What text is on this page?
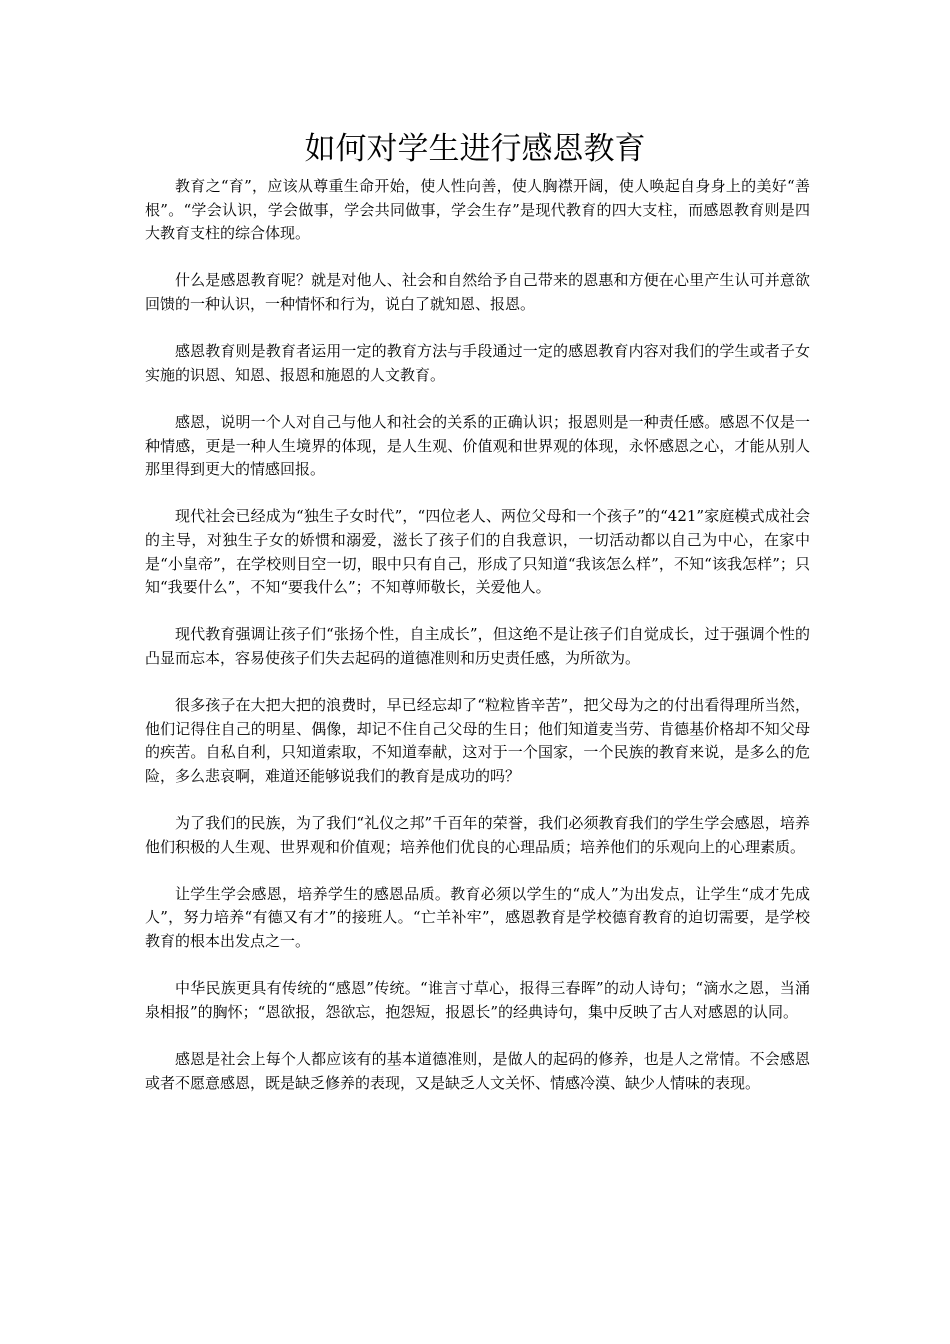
如何对学生进行感恩教育

教育之“育”，应该从尊重生命开始，使人性向善，使人胸襟开阔，使人唤起自身身上的美好“善根”。“学会认识，学会做事，学会共同做事，学会生存”是现代教育的四大支柱，而感恩教育则是四大教育支柱的综合体现。

什么是感恩教育呢？就是对他人、社会和自然给予自己带来的恩惠和方便在心里产生认可并意欲回馈的一种认识，一种情怀和行为，说白了就知恩、报恩。

感恩教育则是教育者运用一定的教育方法与手段通过一定的感恩教育内容对我们的学生或者子女实施的识恩、知恩、报恩和施恩的人文教育。

感恩，说明一个人对自己与他人和社会的关系的正确认识；报恩则是一种责任感。感恩不仅是一种情感，更是一种人生境界的体现，是人生观、价值观和世界观的体现，永怀感恩之心，才能从别人那里得到更大的情感回报。

现代社会已经成为“独生子女时代”，“四位老人、两位父母和一个孩子”的“421”家庭模式成社会的主导，对独生子女的娇惯和溺爱，滋长了孩子们的自我意识，一切活动都以自己为中心，在家中是“小皇帝”，在学校则目空一切，眼中只有自己，形成了只知道“我该怎么样”，不知“该我怎样”；只知“我要什么”，不知“要我什么”；不知尊师敬长，关爱他人。

现代教育强调让孩子们“张扬个性，自主成长”，但这绝不是让孩子们自觉成长，过于强调个性的凸显而忘本，容易使孩子们失去起码的道德准则和历史责任感，为所欲为。

很多孩子在大把大把的浪费时，早已经忘却了“粒粒皆辛苦”，把父母为之的付出看得理所当然，他们记得住自己的明星、偶像，却记不住自己父母的生日；他们知道麦当劳、肯德基价格却不知父母的疾苦。自私自利，只知道索取，不知道奉献，这对于一个国家，一个民族的教育来说，是多么的危险，多么悲哀啊，难道还能够说我们的教育是成功的吗？

为了我们的民族，为了我们“礼仪之邦”千百年的荣誉，我们必须教育我们的学生学会感恩，培养他们积极的人生观、世界观和价值观；培养他们优良的心理品质；培养他们的乐观向上的心理素质。

让学生学会感恩，培养学生的感恩品质。教育必须以学生的“成人”为出发点，让学生“成才先成人”，努力培养“有德又有才”的接班人。“亡羊补牢”，感恩教育是学校德育教育的迫切需要，是学校教育的根本出发点之一。

中华民族更具有传统的“感恩”传统。“谁言寸草心，报得三春晖”的动人诗句；“滴水之恩，当涌泉相报”的胸怀；“恩欲报，怨欲忘，抱怨短，报恩长”的经典诗句，集中反映了古人对感恩的认同。

感恩是社会上每个人都应该有的基本道德准则，是做人的起码的修养，也是人之常情。不会感恩或者不愿意感恩，既是缺乏修养的表现，又是缺乏人文关怀、情感冷漠、缺少人情味的表现。
